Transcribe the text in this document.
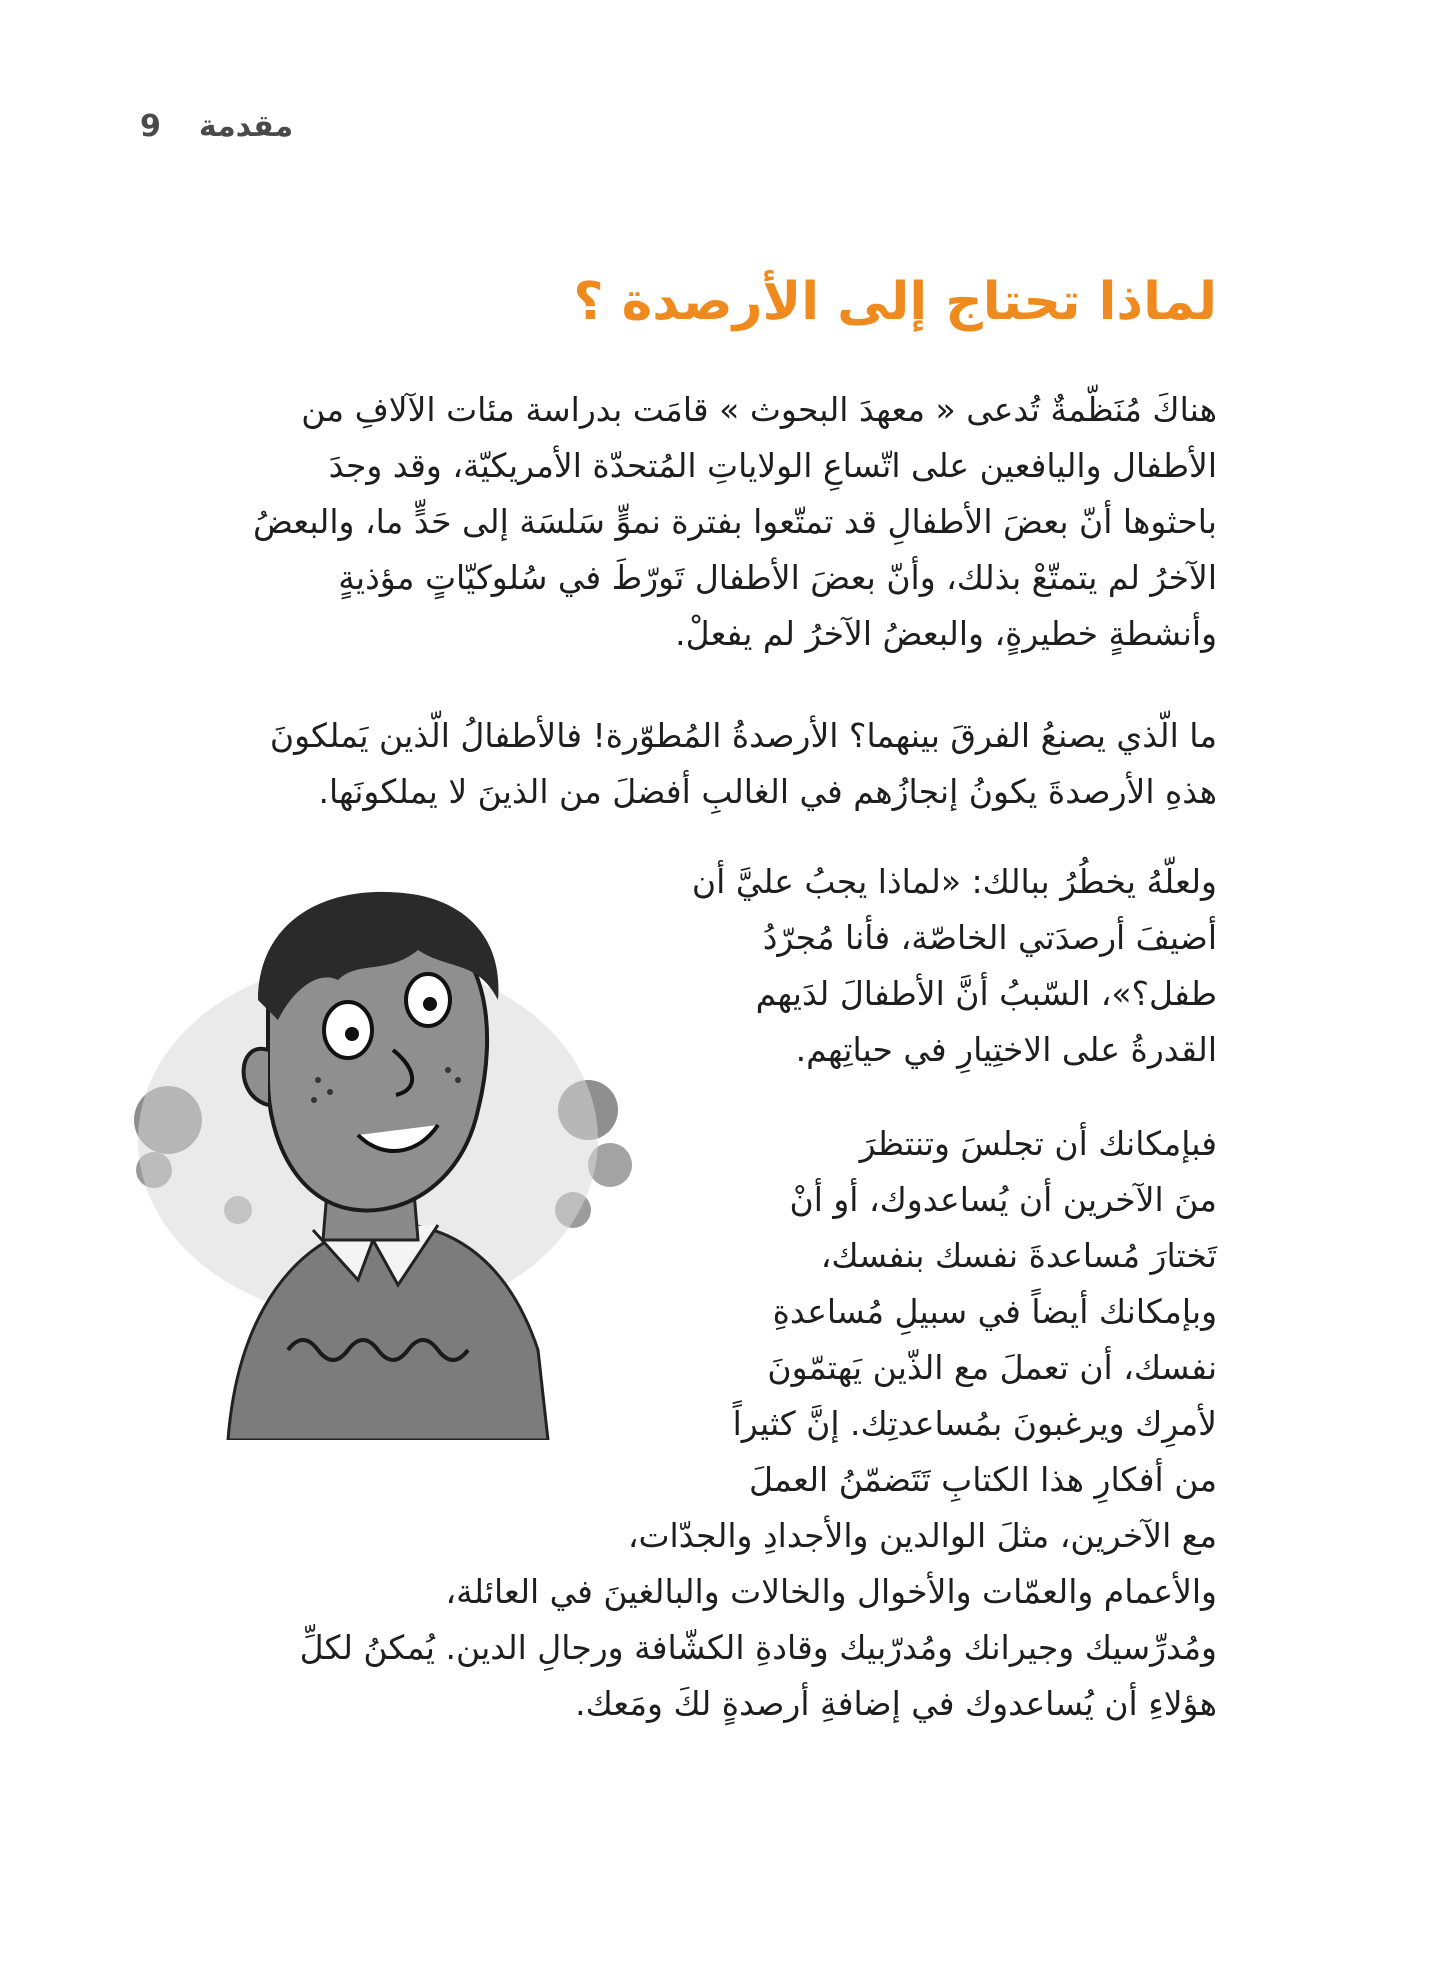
9 مقدمة
لماذا تحتاج إلى الأرصدة ؟

هناكَ مُنَظّمةٌ تُدعى « معهدَ البحوث » قامَت بدراسة مئات الآلافِ من
الأطفال واليافعين على اتّساعِ الولاياتِ المُتحدّة الأمريكيّة، وقد وجدَ
باحثوها أنّ بعضَ الأطفالِ قد تمتّعوا بفترة نموٍّ سَلسَة إلى حَدٍّ ما، والبعضُ
الآخرُ لم يتمتّعْ بذلك، وأنّ بعضَ الأطفال تَورّطَ في سُلوكيّاتٍ مؤذيةٍ
وأنشطةٍ خطيرةٍ، والبعضُ الآخرُ لم يفعلْ.

ما الّذي يصنعُ الفرقَ بينهما؟ الأرصدةُ المُطوّرة! فالأطفالُ الّذين يَملكونَ
هذهِ الأرصدةَ يكونُ إنجازُهم في الغالبِ أفضلَ من الذينَ لا يملكونَها.

ولعلّهُ يخطُرُ ببالك: «لماذا يجبُ عليَّ أن
أضيفَ أرصدَتي الخاصّة، فأنا مُجرّدُ
طفل؟»، السّببُ أنَّ الأطفالَ لدَيهم
القدرةُ على الاختِيارِ في حياتِهم.

فبإمكانك أن تجلسَ وتنتظرَ
منَ الآخرين أن يُساعدوك، أو أنْ
تَختارَ مُساعدةَ نفسك بنفسك،
وبإمكانك أيضاً في سبيلِ مُساعدةِ
نفسك، أن تعملَ مع الذّين يَهتمّونَ
لأمرِك ويرغبونَ بمُساعدتِك. إنَّ كثيراً
من أفكارِ هذا الكتابِ تَتَضمّنُ العملَ

مع الآخرين، مثلَ الوالدين والأجدادِ والجدّات،

والأعمام والعمّات والأخوال والخالات والبالغينَ في العائلة،
ومُدرِّسيك وجيرانك ومُدرّبيك وقادةِ الكشّافة ورجالِ الدين. يُمكنُ لكلِّ
هؤلاءِ أن يُساعدوك في إضافةِ أرصدةٍ لكَ ومَعك.
